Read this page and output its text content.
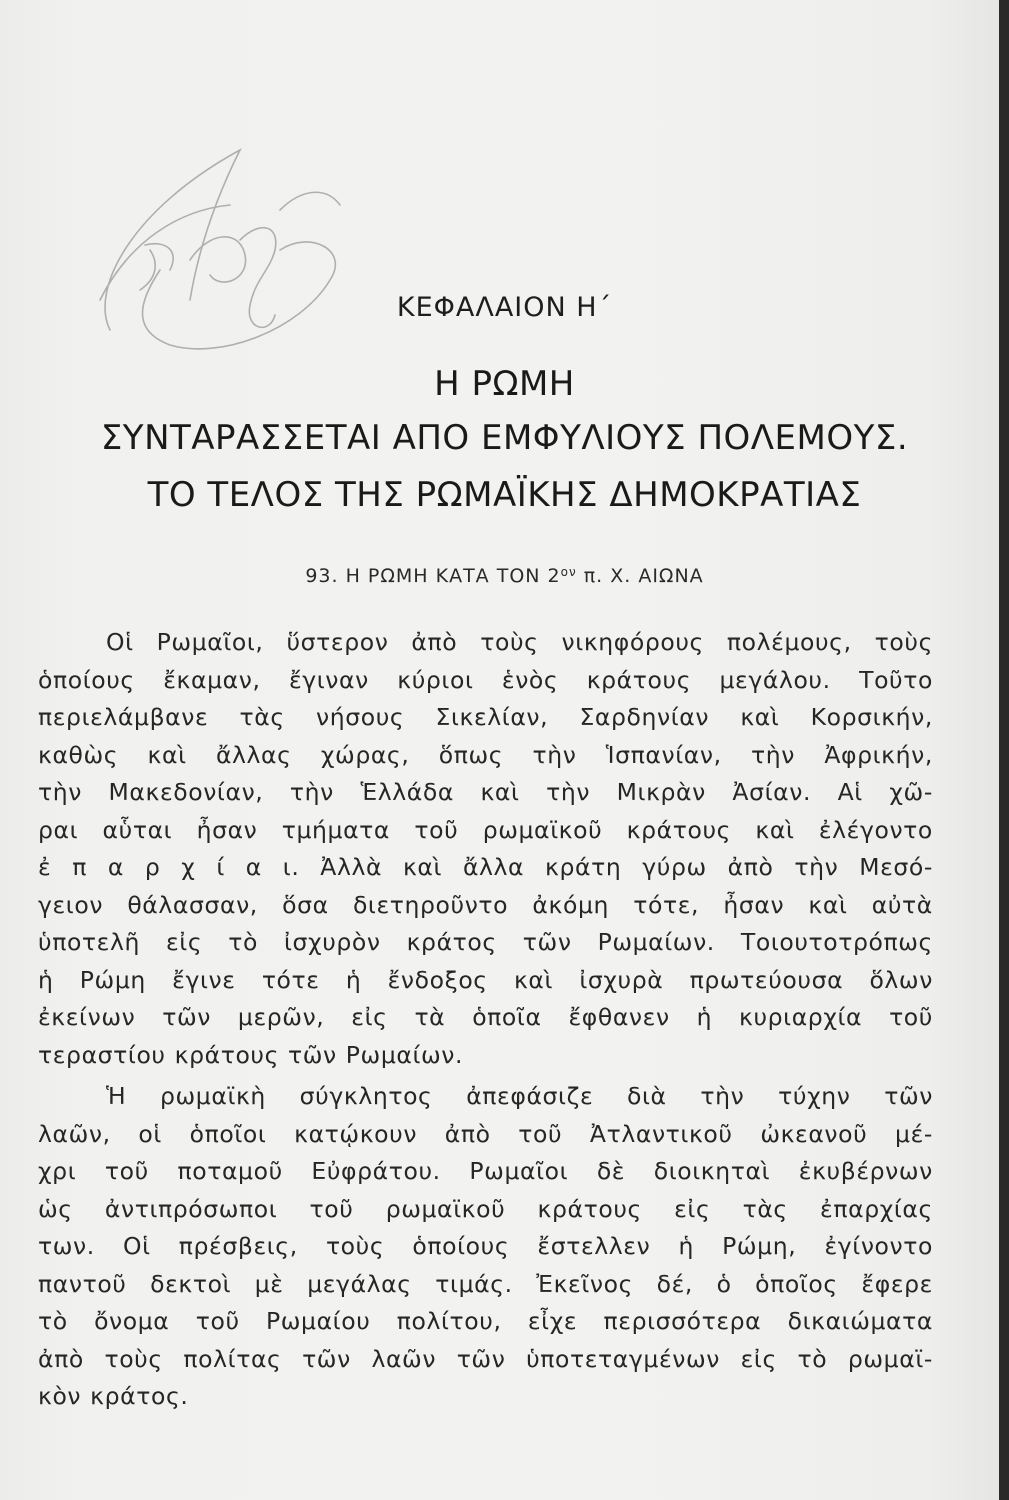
ΚΕΦΑΛΑΙΟΝ Η΄
Η ΡΩΜΗ
ΣΥΝΤΑΡΑΣΣΕΤΑΙ ΑΠΟ ΕΜΦΥΛΙΟΥΣ ΠΟΛΕΜΟΥΣ.
ΤΟ ΤΕΛΟΣ ΤΗΣ ΡΩΜΑΪΚΗΣ ΔΗΜΟΚΡΑΤΙΑΣ
93. Η ΡΩΜΗ ΚΑΤΑ ΤΟΝ $2^{o\nu}$ π. Χ. ΑΙΩΝΑ
Οἱ Ρωμαῖοι, ὕστερον ἀπὸ τοὺς νικηφόρους πολέμους, τοὺς
ὁποίους ἔκαμαν, ἔγιναν κύριοι ἑνὸς κράτους μεγάλου. Τοῦτο
περιελάμβανε τὰς νήσους Σικελίαν, Σαρδηνίαν καὶ Κορσικήν,
καθὼς καὶ ἄλλας χώρας, ὅπως τὴν Ἱσπανίαν, τὴν Ἀφρικήν,
τὴν Μακεδονίαν, τὴν Ἑλλάδα καὶ τὴν Μικρὰν Ἀσίαν. Αἱ χῶ-
ραι αὗται ἦσαν τμήματα τοῦ ρωμαϊκοῦ κράτους καὶ ἐλέγοντο
ἐ π α ρ χ ί α ι. Ἀλλὰ καὶ ἄλλα κράτη γύρω ἀπὸ τὴν Μεσό-
γειον θάλασσαν, ὅσα διετηροῦντο ἀκόμη τότε, ἦσαν καὶ αὐτὰ
ὑποτελῆ εἰς τὸ ἰσχυρὸν κράτος τῶν Ρωμαίων. Τοιουτοτρόπως
ἡ Ρώμη ἔγινε τότε ἡ ἔνδοξος καὶ ἰσχυρὰ πρωτεύουσα ὅλων
ἐκείνων τῶν μερῶν, εἰς τὰ ὁποῖα ἔφθανεν ἡ κυριαρχία τοῦ
τεραστίου κράτους τῶν Ρωμαίων.
Ἡ ρωμαϊκὴ σύγκλητος ἀπεφάσιζε διὰ τὴν τύχην τῶν
λαῶν, οἱ ὁποῖοι κατῴκουν ἀπὸ τοῦ Ἀτλαντικοῦ ὠκεανοῦ μέ-
χρι τοῦ ποταμοῦ Εὐφράτου. Ρωμαῖοι δὲ διοικηταὶ ἐκυβέρνων
ὡς ἀντιπρόσωποι τοῦ ρωμαϊκοῦ κράτους εἰς τὰς ἐπαρχίας
των. Οἱ πρέσβεις, τοὺς ὁποίους ἔστελλεν ἡ Ρώμη, ἐγίνοντο
παντοῦ δεκτοὶ μὲ μεγάλας τιμάς. Ἐκεῖνος δέ, ὁ ὁποῖος ἔφερε
τὸ ὄνομα τοῦ Ρωμαίου πολίτου, εἶχε περισσότερα δικαιώματα
ἀπὸ τοὺς πολίτας τῶν λαῶν τῶν ὑποτεταγμένων εἰς τὸ ρωμαϊ-
κὸν κράτος.
